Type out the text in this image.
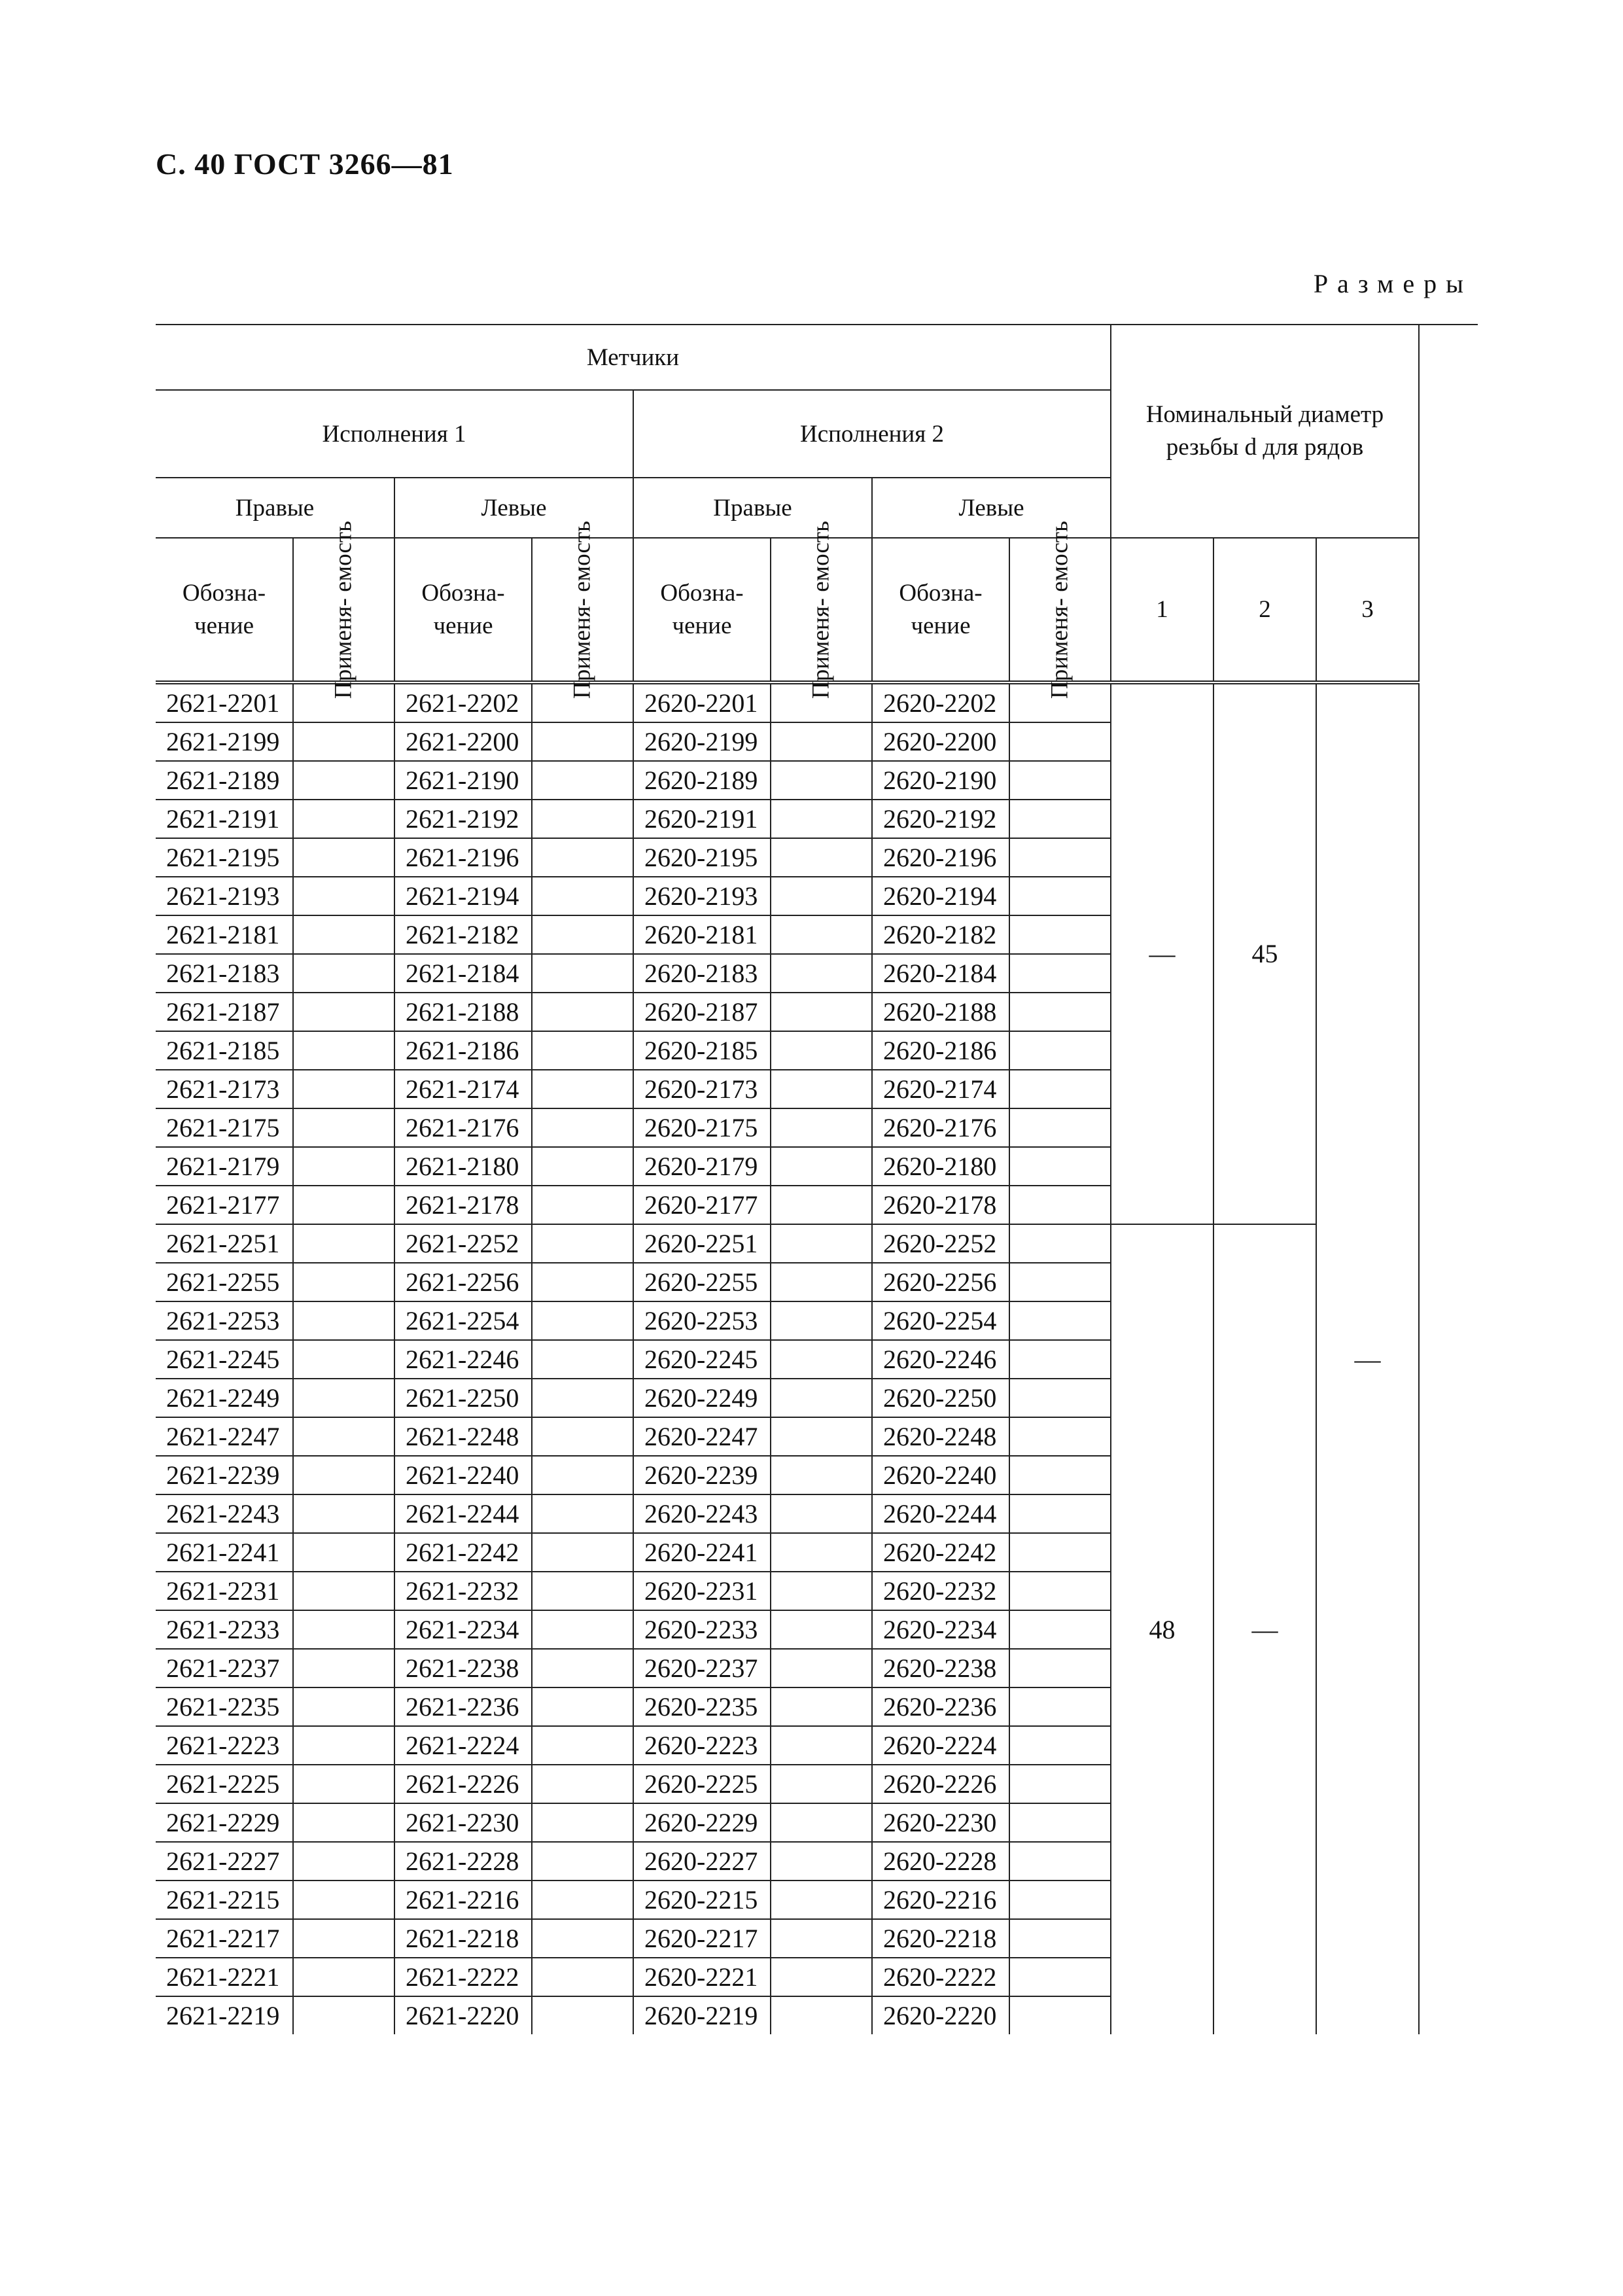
С. 40 ГОСТ 3266—81
Размеры
Метчики								Номинальный диаметр резьбы d для рядов			

Исполнения 1				Исполнения 2							
Правые		Левые		Правые		Левые					

Обозна- чение	Применя- емость	Обозна- чение	Применя- емость	Обозна- чение	Применя- емость	Обозна- чение	Применя- емость	1	2	3	
2621-2201		2621-2202		2620-2201		2620-2202		—	45	—	
2621-2199		2621-2200		2620-2199		2620-2200					
2621-2189		2621-2190		2620-2189		2620-2190					
2621-2191		2621-2192		2620-2191		2620-2192					
2621-2195		2621-2196		2620-2195		2620-2196					
2621-2193		2621-2194		2620-2193		2620-2194					
2621-2181		2621-2182		2620-2181		2620-2182					
2621-2183		2621-2184		2620-2183		2620-2184					
2621-2187		2621-2188		2620-2187		2620-2188					
2621-2185		2621-2186		2620-2185		2620-2186					
2621-2173		2621-2174		2620-2173		2620-2174					
2621-2175		2621-2176		2620-2175		2620-2176					
2621-2179		2621-2180		2620-2179		2620-2180					
2621-2177		2621-2178		2620-2177		2620-2178					
2621-2251		2621-2252		2620-2251		2620-2252		48	—		
2621-2255		2621-2256		2620-2255		2620-2256					
2621-2253		2621-2254		2620-2253		2620-2254					
2621-2245		2621-2246		2620-2245		2620-2246					
2621-2249		2621-2250		2620-2249		2620-2250					
2621-2247		2621-2248		2620-2247		2620-2248					
2621-2239		2621-2240		2620-2239		2620-2240					
2621-2243		2621-2244		2620-2243		2620-2244					
2621-2241		2621-2242		2620-2241		2620-2242					
2621-2231		2621-2232		2620-2231		2620-2232					
2621-2233		2621-2234		2620-2233		2620-2234					
2621-2237		2621-2238		2620-2237		2620-2238					
2621-2235		2621-2236		2620-2235		2620-2236					
2621-2223		2621-2224		2620-2223		2620-2224					
2621-2225		2621-2226		2620-2225		2620-2226					
2621-2229		2621-2230		2620-2229		2620-2230					
2621-2227		2621-2228		2620-2227		2620-2228					
2621-2215		2621-2216		2620-2215		2620-2216					
2621-2217		2621-2218		2620-2217		2620-2218					
2621-2221		2621-2222		2620-2221		2620-2222					
2621-2219		2621-2220		2620-2219		2620-2220					
